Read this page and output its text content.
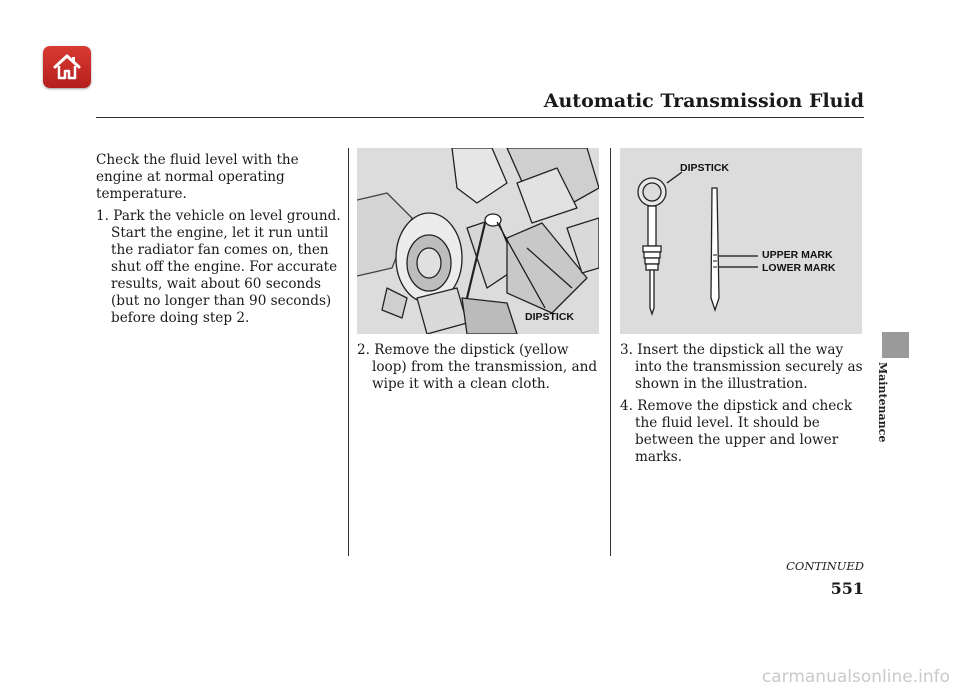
Automatic Transmission Fluid

Check the fluid level with the engine at normal operating temperature.

1. Park the vehicle on level ground. Start the engine, let it run until the radiator fan comes on, then shut off the engine. For accurate results, wait about 60 seconds (but no longer than 90 seconds) before doing step 2.	DIPSTICK

2. Remove the dipstick (yellow loop) from the transmission, and wipe it with a clean cloth.

DIPSTICK
UPPER MARK
LOWER MARK

3. Insert the dipstick all the way into the transmission securely as shown in the illustration.

4. Remove the dipstick and check the fluid level. It should be between the upper and lower marks.

Maintenance
CONTINUED
551
carmanualsonline.info
